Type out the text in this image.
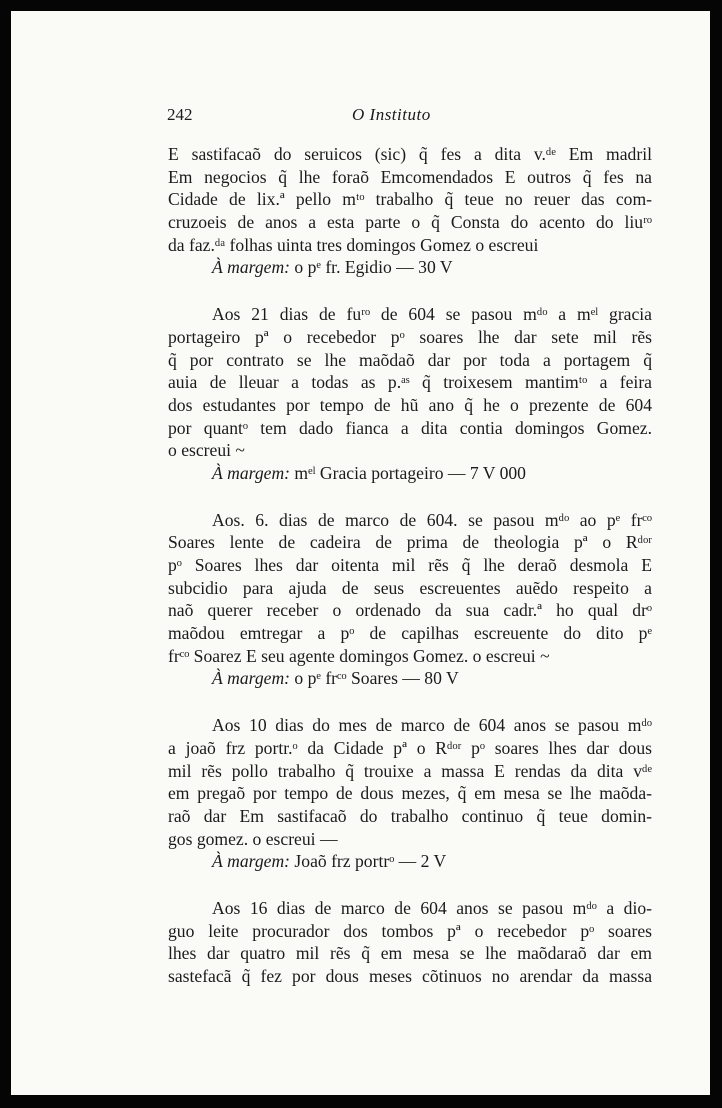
242	O Instituto
E sastifacaõ do seruicos (sic) q̃ fes a dita v.ᵈᵉ Em madril
Em negocios q̃ lhe foraõ Emcomendados E outros q̃ fes na
Cidade de lix.ª pello mᵗᵒ trabalho q̃ teue no reuer das com-
cruzoeis de anos a esta parte o q̃ Consta do acento do liuʳᵒ
da faz.ᵈᵃ folhas uinta tres domingos Gomez o escreui
À margem: o pᵉ fr. Egidio — 30 V
Aos 21 dias de fuʳᵒ de 604 se pasou mᵈᵒ a mᵉˡ gracia
portageiro pª o recebedor pᵒ soares lhe dar sete mil rẽs
q̃ por contrato se lhe maõdaõ dar por toda a portagem q̃
auia de lleuar a todas as p.ᵃˢ q̃ troixesem mantimᵗᵒ a feira
dos estudantes por tempo de hũ ano q̃ he o prezente de 604
por quantᵒ tem dado fianca a dita contia domingos Gomez.
o escreui ~
À margem: mᵉˡ Gracia portageiro — 7 V 000
Aos. 6. dias de marco de 604. se pasou mᵈᵒ ao pᵉ frᶜᵒ
Soares lente de cadeira de prima de theologia pª o Rᵈᵒʳ
pᵒ Soares lhes dar oitenta mil rẽs q̃ lhe deraõ desmola E
subcidio para ajuda de seus escreuentes auẽdo respeito a
naõ querer receber o ordenado da sua cadr.ª ho qual drᵒ
maõdou emtregar a pᵒ de capilhas escreuente do dito pᵉ
frᶜᵒ Soarez E seu agente domingos Gomez. o escreui ~
À margem: o pᵉ frᶜᵒ Soares — 80 V
Aos 10 dias do mes de marco de 604 anos se pasou mᵈᵒ
a joaõ frz portr.ᵒ da Cidade pª o Rᵈᵒʳ pᵒ soares lhes dar dous
mil rẽs pollo trabalho q̃ trouixe a massa E rendas da dita vᵈᵉ
em pregaõ por tempo de dous mezes, q̃ em mesa se lhe maõda-
raõ dar Em sastifacaõ do trabalho continuo q̃ teue domin-
gos gomez. o escreui —
À margem: Joaõ frz portrᵒ — 2 V
Aos 16 dias de marco de 604 anos se pasou mᵈᵒ a dio-
guo leite procurador dos tombos pª o recebedor pᵒ soares
lhes dar quatro mil rẽs q̃ em mesa se lhe maõdaraõ dar em
sastefacã q̃ fez por dous meses cõtinuos no arendar da massa
